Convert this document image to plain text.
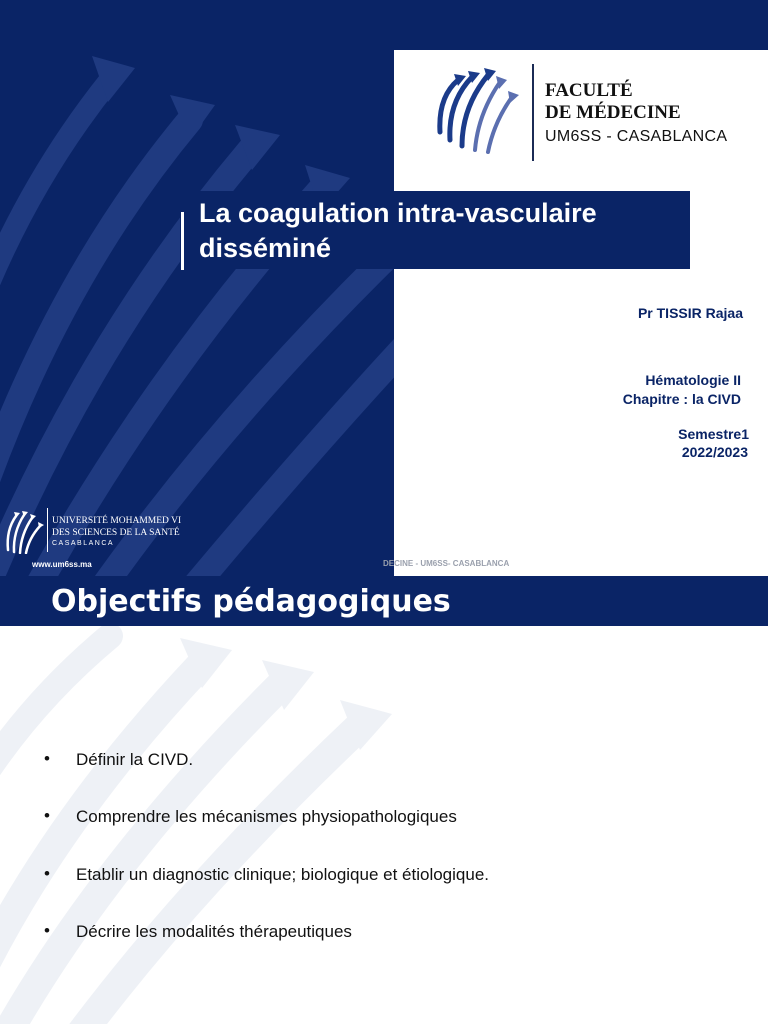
La coagulation intra-vasculaire disséminé
FACULTÉ
DE MÉDECINE
UM6SS - CASABLANCA
Pr TISSIR Rajaa
Hématologie II
Chapitre : la CIVD
Semestre1
2022/2023
UNIVERSITÉ MOHAMMED VI
DES SCIENCES DE LA SANTÉ
CASABLANCA
www.um6ss.ma	DECINE - UM6SS- CASABLANCA
Objectifs pédagogiques
• Définir la CIVD.
• Comprendre les mécanismes physiopathologiques
• Etablir un diagnostic clinique; biologique et étiologique.
• Décrire les modalités thérapeutiques
